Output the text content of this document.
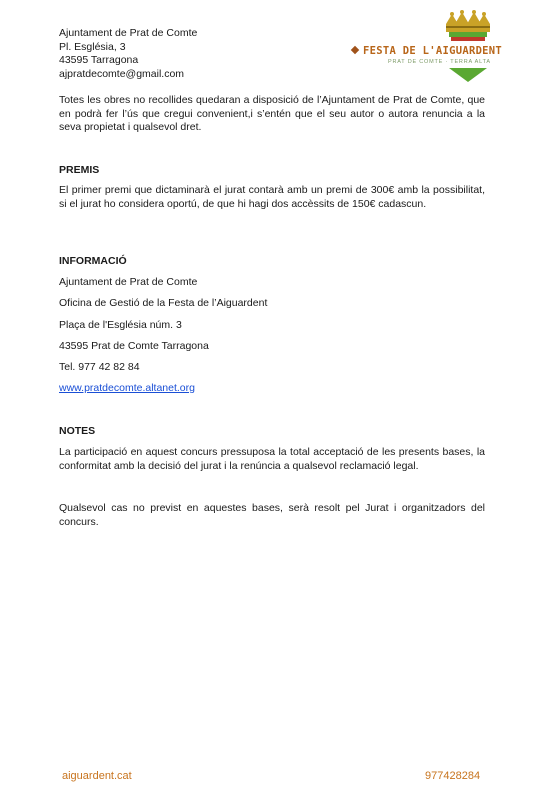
Ajuntament de Prat de Comte
Pl. Església, 3
43595 Tarragona
ajpratdecomte@gmail.com
FESTA DE L'AIGUARDENT
PRAT DE COMTE · TERRA ALTA
Totes les obres no recollides quedaran a disposició de l’Ajuntament de Prat de Comte, que en podrà fer l’ús que cregui convenient,i s’entén que el seu autor o autora renuncia a la seva propietat i qualsevol dret.
PREMIS
El primer premi que dictaminarà el jurat contarà amb un premi de 300€ amb la possibilitat, si el jurat ho considera oportú, de que hi hagi dos accèssits de 150€ cadascun.
INFORMACIÓ
Ajuntament de Prat de Comte
Oficina de Gestió de la Festa de l’Aiguardent
Plaça de l'Església núm. 3
43595 Prat de Comte Tarragona
Tel. 977 42 82 84
www.pratdecomte.altanet.org
NOTES
La participació en aquest concurs pressuposa la total acceptació de les presents bases, la conformitat amb la decisió del jurat i la renúncia a qualsevol reclamació legal.
Qualsevol cas no previst en aquestes bases, serà resolt pel Jurat i organitzadors del concurs.
aiguardent.cat	977428284
